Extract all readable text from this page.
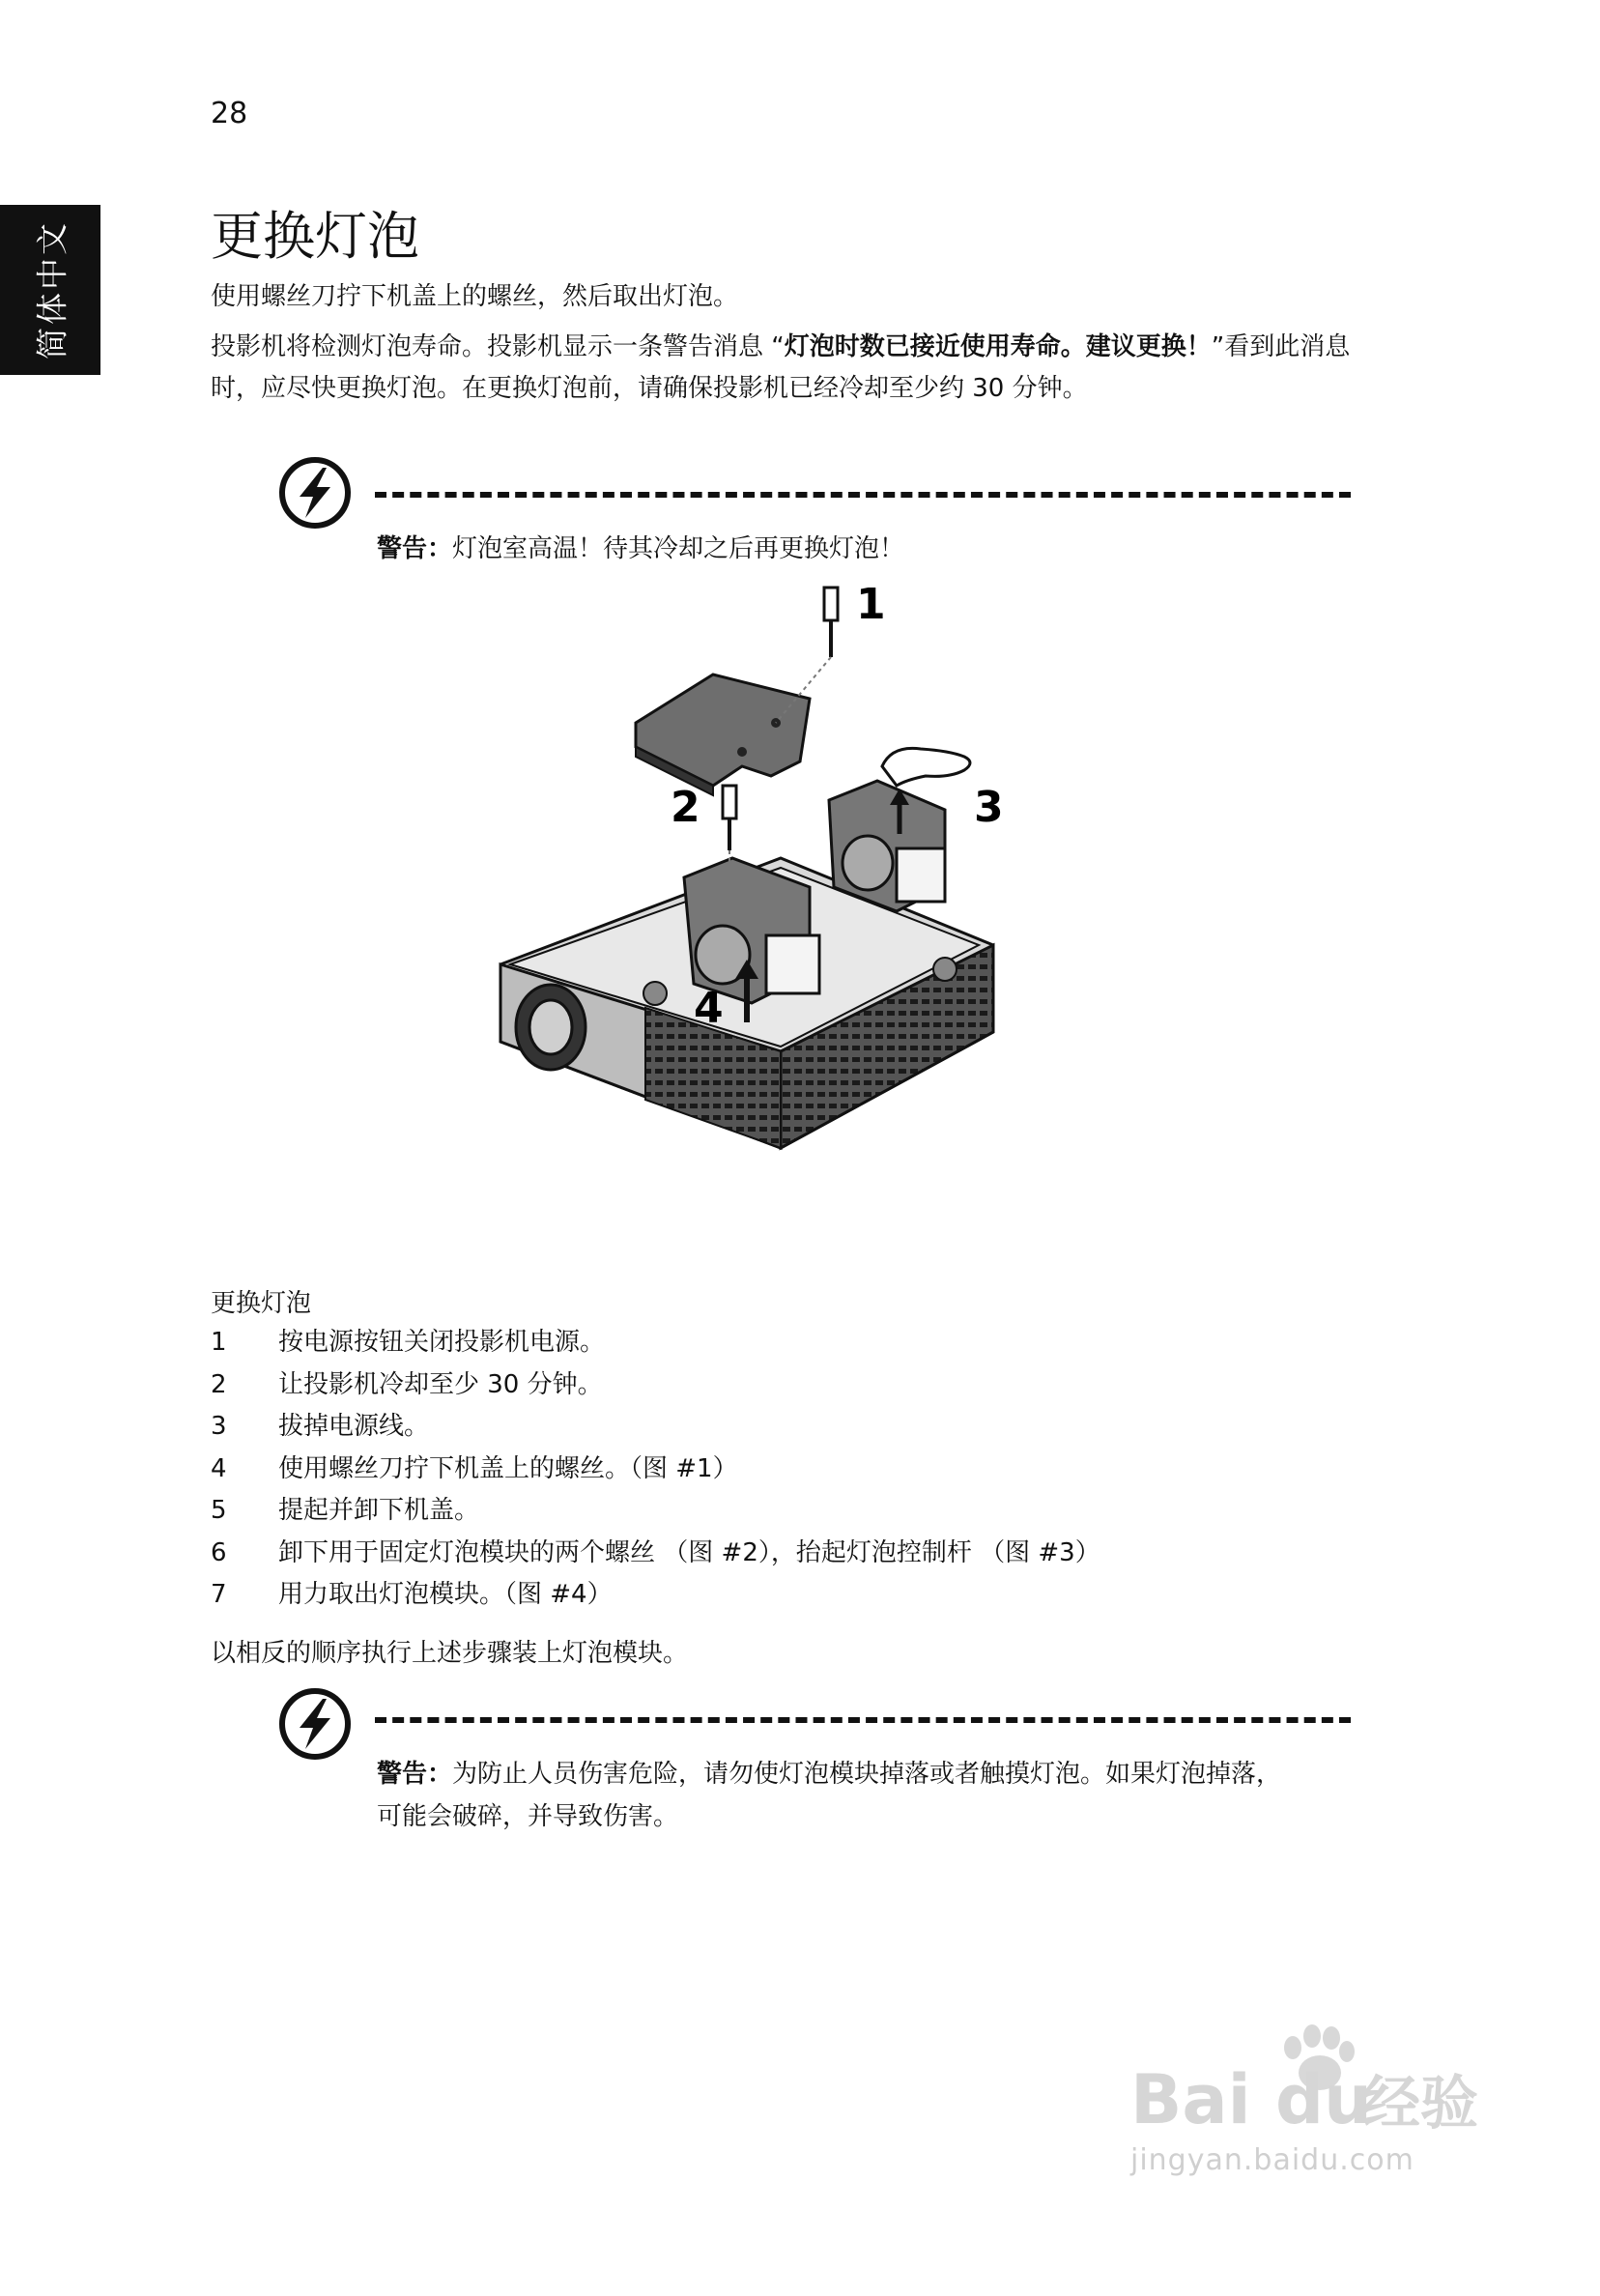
28
简体中文	更换灯泡

使用螺丝刀拧下机盖上的螺丝，然后取出灯泡。

投影机将检测灯泡寿命。投影机显示一条警告消息 “灯泡时数已接近使用寿命。建议更换！”看到此消息时，应尽快更换灯泡。在更换灯泡前，请确保投影机已经冷却至少约 30 分钟。

警告：灯泡室高温！待其冷却之后再更换灯泡！

1
2	3
4
更换灯泡
1	按电源按钮关闭投影机电源。
2	让投影机冷却至少 30 分钟。
3	拔掉电源线。
4	使用螺丝刀拧下机盖上的螺丝。（图 #1）
5	提起并卸下机盖。
6	卸下用于固定灯泡模块的两个螺丝 （图 #2），抬起灯泡控制杆 （图 #3）
7	用力取出灯泡模块。（图 #4）
以相反的顺序执行上述步骤装上灯泡模块。

警告：为防止人员伤害危险，请勿使灯泡模块掉落或者触摸灯泡。如果灯泡掉落，可能会破碎，并导致伤害。

Bai du
经验
jingyan.baidu.com
